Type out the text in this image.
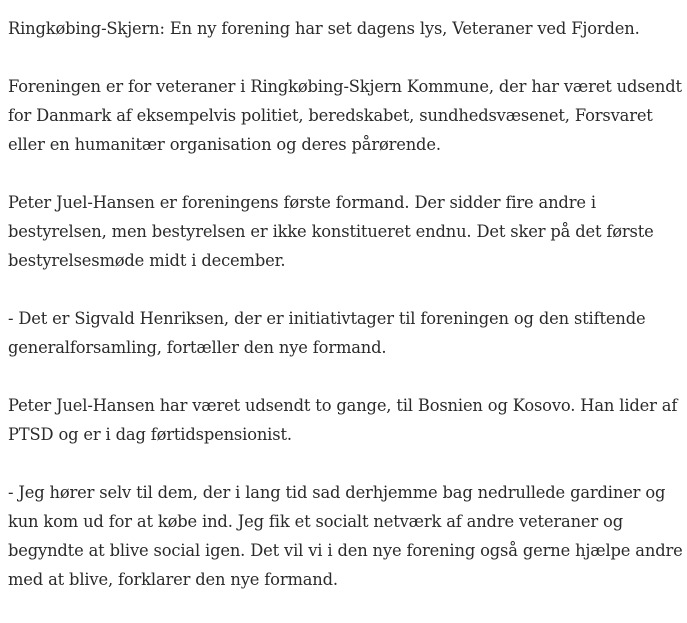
Ringkøbing-Skjern: En ny forening har set dagens lys, Veteraner ved Fjorden.

Foreningen er for veteraner i Ringkøbing-Skjern Kommune, der har været udsendt for Danmark af eksempelvis politiet, beredskabet, sundhedsvæsenet, Forsvaret eller en humanitær organisation og deres pårørende.

Peter Juel-Hansen er foreningens første formand. Der sidder fire andre i bestyrelsen, men bestyrelsen er ikke konstitueret endnu. Det sker på det første bestyrelsesmøde midt i december.

- Det er Sigvald Henriksen, der er initiativtager til foreningen og den stiftende generalforsamling, fortæller den nye formand.

Peter Juel-Hansen har været udsendt to gange, til Bosnien og Kosovo. Han lider af PTSD og er i dag førtidspensionist.

- Jeg hører selv til dem, der i lang tid sad derhjemme bag nedrullede gardiner og kun kom ud for at købe ind. Jeg fik et socialt netværk af andre veteraner og begyndte at blive social igen. Det vil vi i den nye forening også gerne hjælpe andre med at blive, forklarer den nye formand.
